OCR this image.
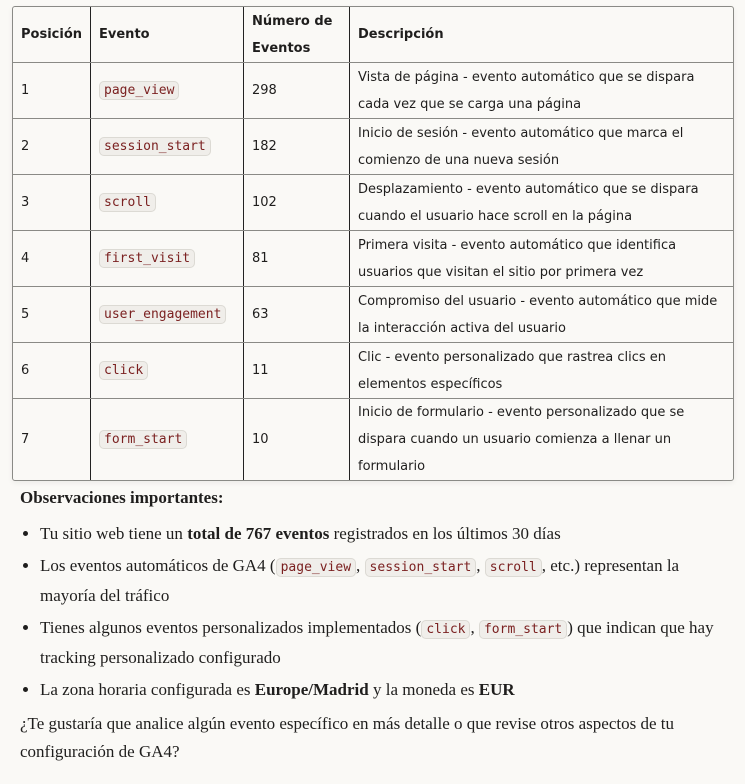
Posición	Evento	Número de Eventos	Descripción
1	page_view	298	Vista de página - evento automático que se dispara cada vez que se carga una página
2	session_start	182	Inicio de sesión - evento automático que marca el comienzo de una nueva sesión
3	scroll	102	Desplazamiento - evento automático que se dispara cuando el usuario hace scroll en la página
4	first_visit	81	Primera visita - evento automático que identifica usuarios que visitan el sitio por primera vez
5	user_engagement	63	Compromiso del usuario - evento automático que mide la interacción activa del usuario
6	click	11	Clic - evento personalizado que rastrea clics en elementos específicos
7	form_start	10	Inicio de formulario - evento personalizado que se dispara cuando un usuario comienza a llenar un formulario
Observaciones importantes:
• Tu sitio web tiene un total de 767 eventos registrados en los últimos 30 días
• Los eventos automáticos de GA4 ( page_view , session_start , scroll , etc.) representan la mayoría del tráfico
• Tienes algunos eventos personalizados implementados ( click , form_start ) que indican que hay tracking personalizado configurado
• La zona horaria configurada es Europe/Madrid y la moneda es EUR

¿Te gustaría que analice algún evento específico en más detalle o que revise otros aspectos de tu configuración de GA4?
